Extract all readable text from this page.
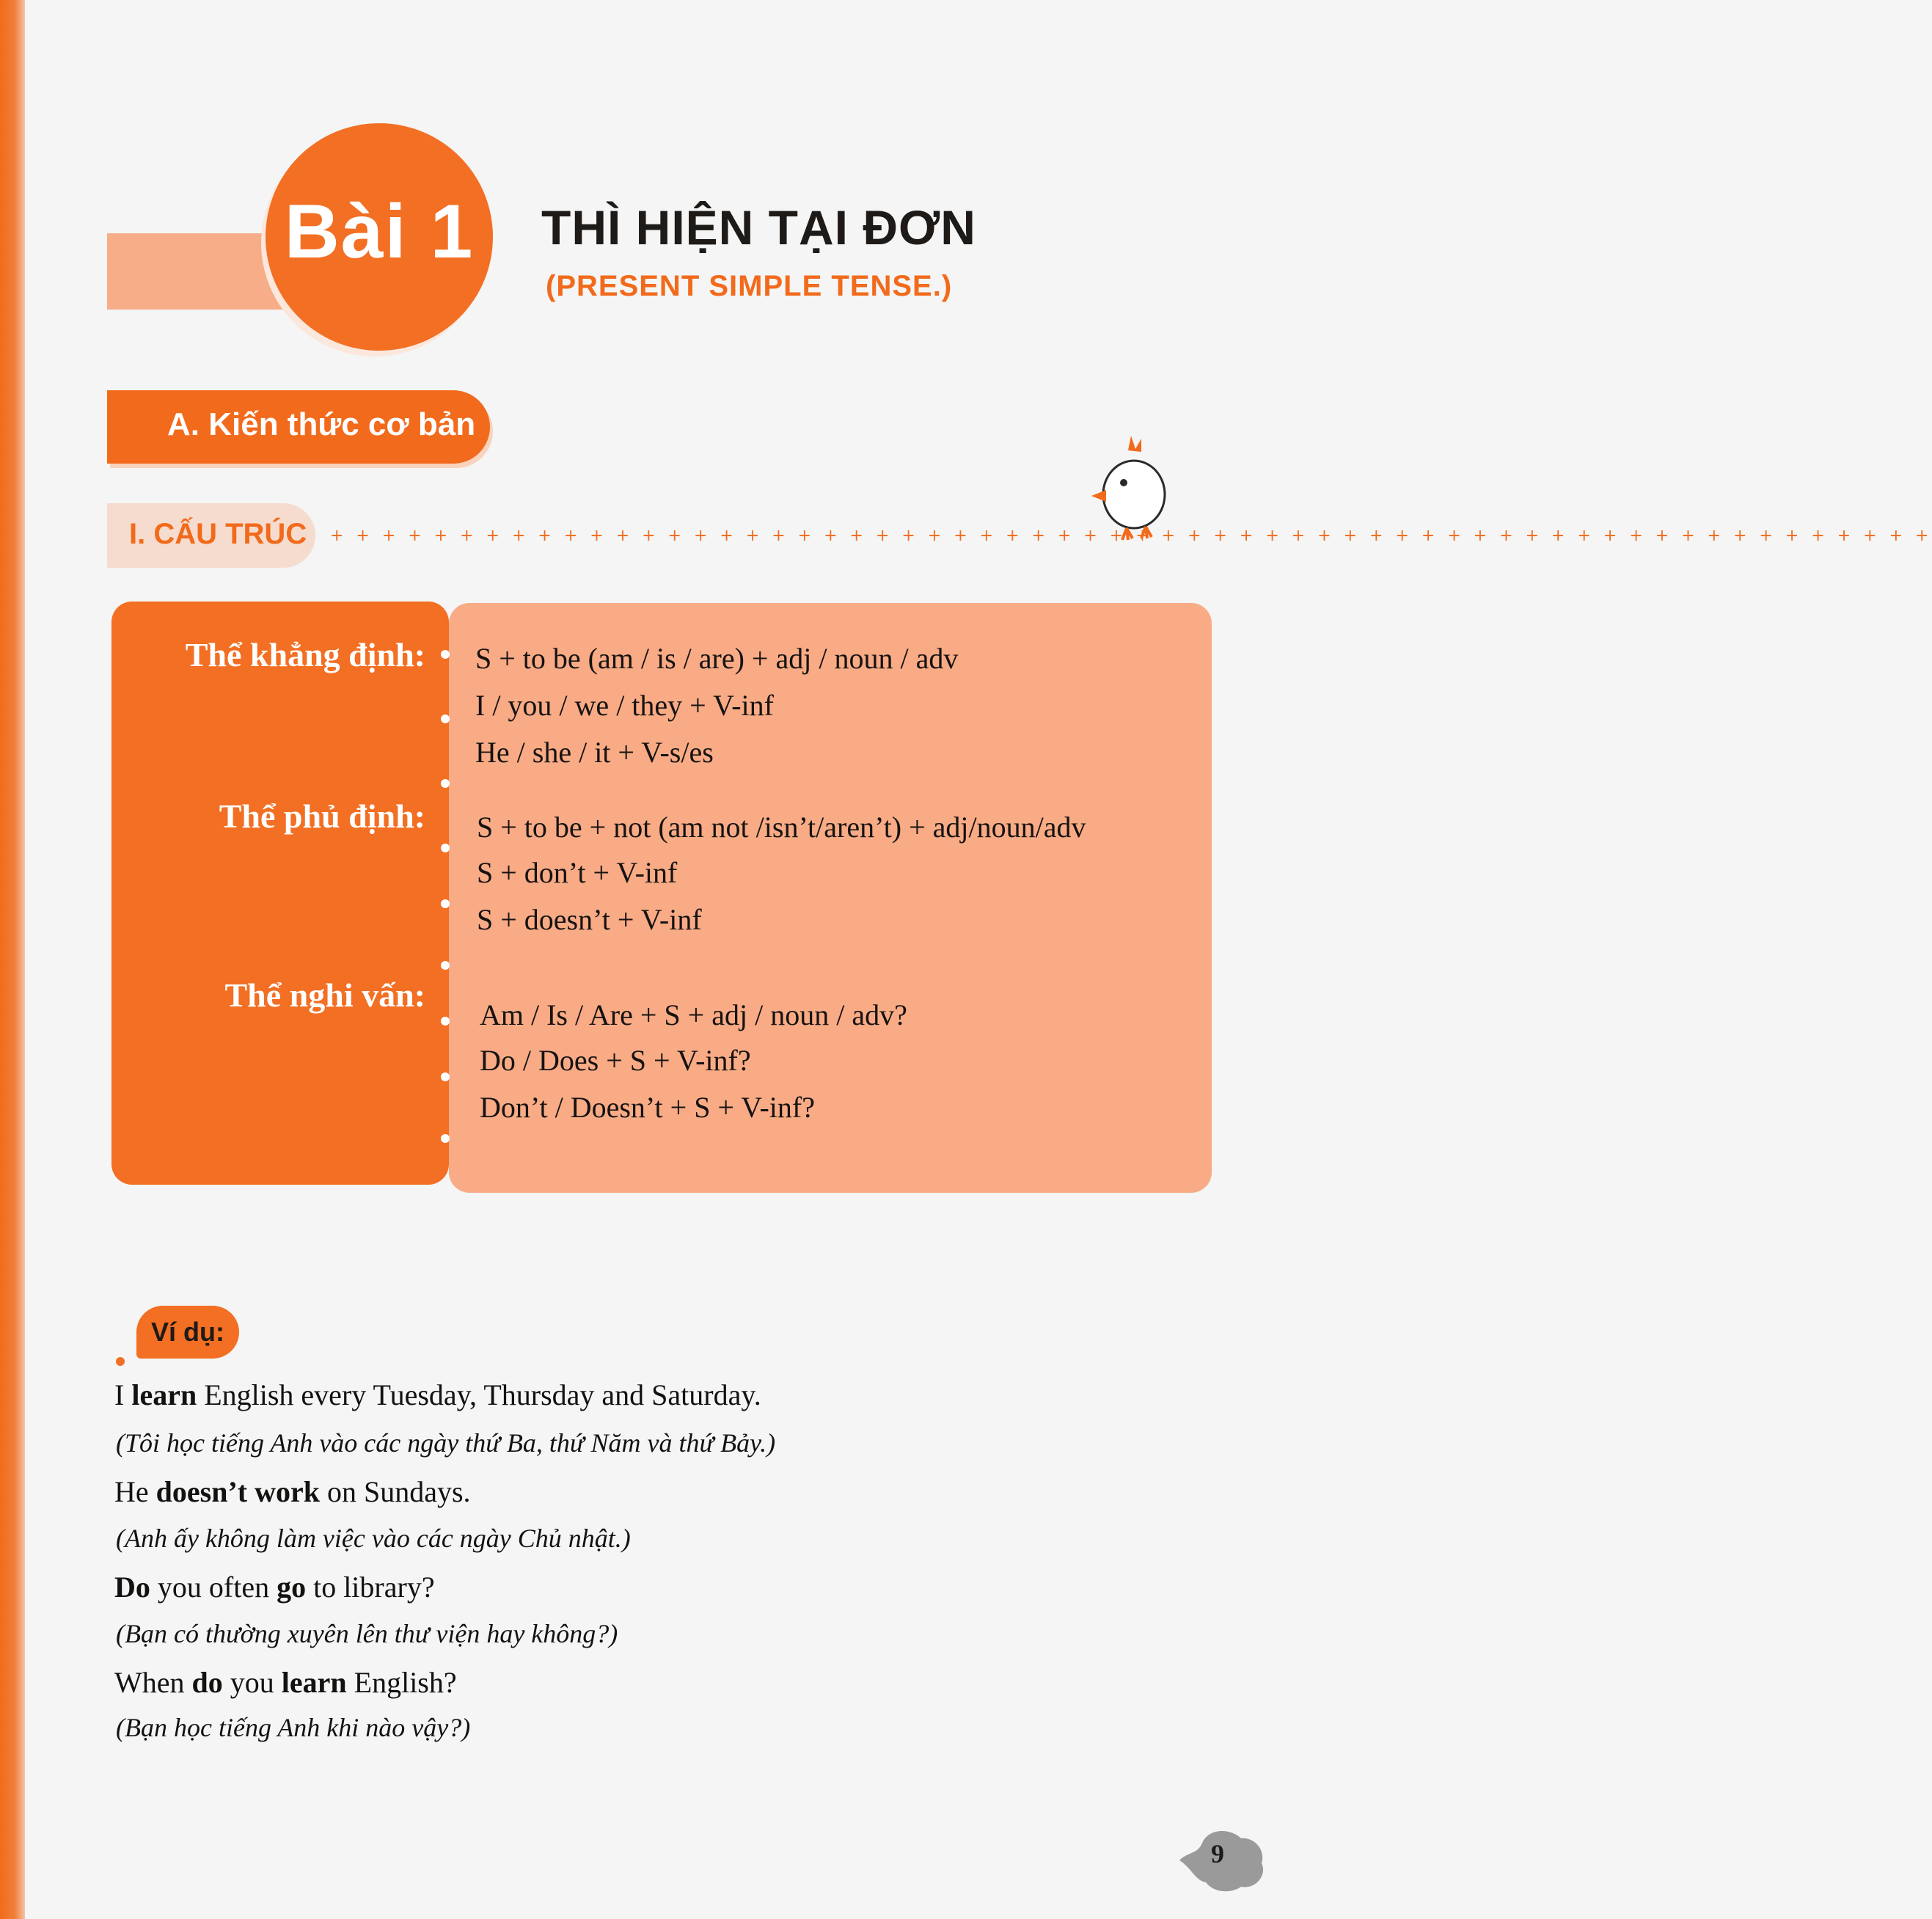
Bài 1 THÌ HIỆN TẠI ĐƠN
(PRESENT SIMPLE TENSE.)
A. Kiến thức cơ bản
I. CẤU TRÚC + + + + + + + + + + + + + + + + + + + + + + + + + + + + + + + + + + + + + + + + + + + + + + + + + + + + + + + + + + + + + +
Thể khẳng định: S + to be (am / is / are) + adj / noun / adv
I / you / we / they + V-inf
He / she / it + V-s/es
Thể phủ định: S + to be + not (am not /isn’t/aren’t) + adj/noun/adv
S + don’t + V-inf
S + doesn’t + V-inf
Thể nghi vấn:
Am / Is / Are + S + adj / noun / adv?
Do / Does + S + V-inf?
Don’t / Doesn’t + S + V-inf?
Ví dụ:
I learn English every Tuesday, Thursday and Saturday.
(Tôi học tiếng Anh vào các ngày thứ Ba, thứ Năm và thứ Bảy.)
He doesn’t work on Sundays.
(Anh ấy không làm việc vào các ngày Chủ nhật.)
Do you often go to library?
(Bạn có thường xuyên lên thư viện hay không?)
When do you learn English?
(Bạn học tiếng Anh khi nào vậy?)
9
